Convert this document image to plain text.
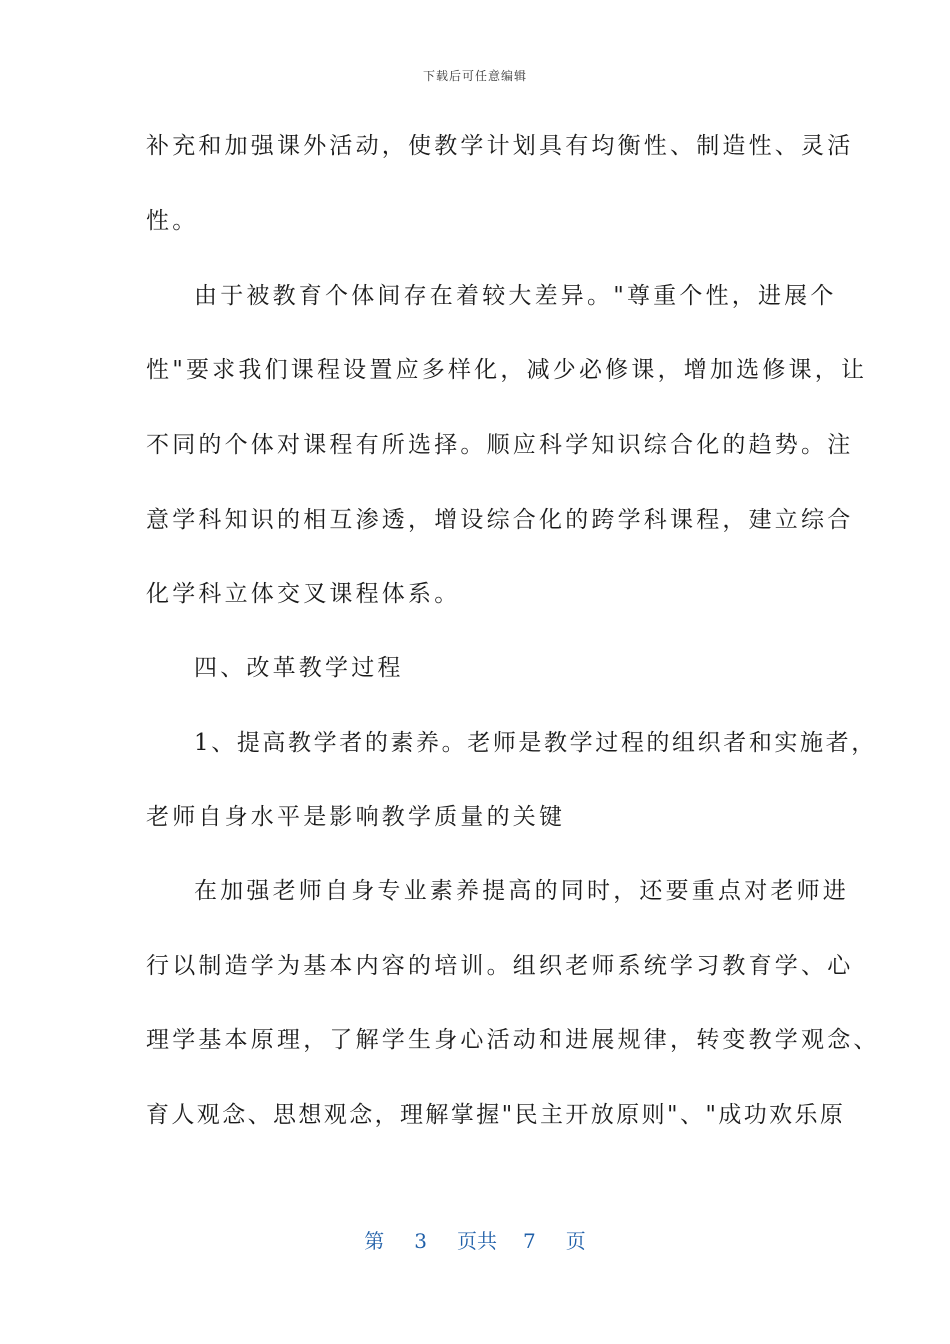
下载后可任意编辑
补充和加强课外活动，使教学计划具有均衡性、制造性、灵活
性。
由于被教育个体间存在着较大差异。"尊重个性，进展个
性"要求我们课程设置应多样化，减少必修课，增加选修课，让
不同的个体对课程有所选择。顺应科学知识综合化的趋势。注
意学科知识的相互渗透，增设综合化的跨学科课程，建立综合
化学科立体交叉课程体系。
四、改革教学过程
1、提高教学者的素养。老师是教学过程的组织者和实施者，
老师自身水平是影响教学质量的关键
在加强老师自身专业素养提高的同时，还要重点对老师进
行以制造学为基本内容的培训。组织老师系统学习教育学、心
理学基本原理，了解学生身心活动和进展规律，转变教学观念、
育人观念、思想观念，理解掌握"民主开放原则"、"成功欢乐原
第 3 页共 7 页
